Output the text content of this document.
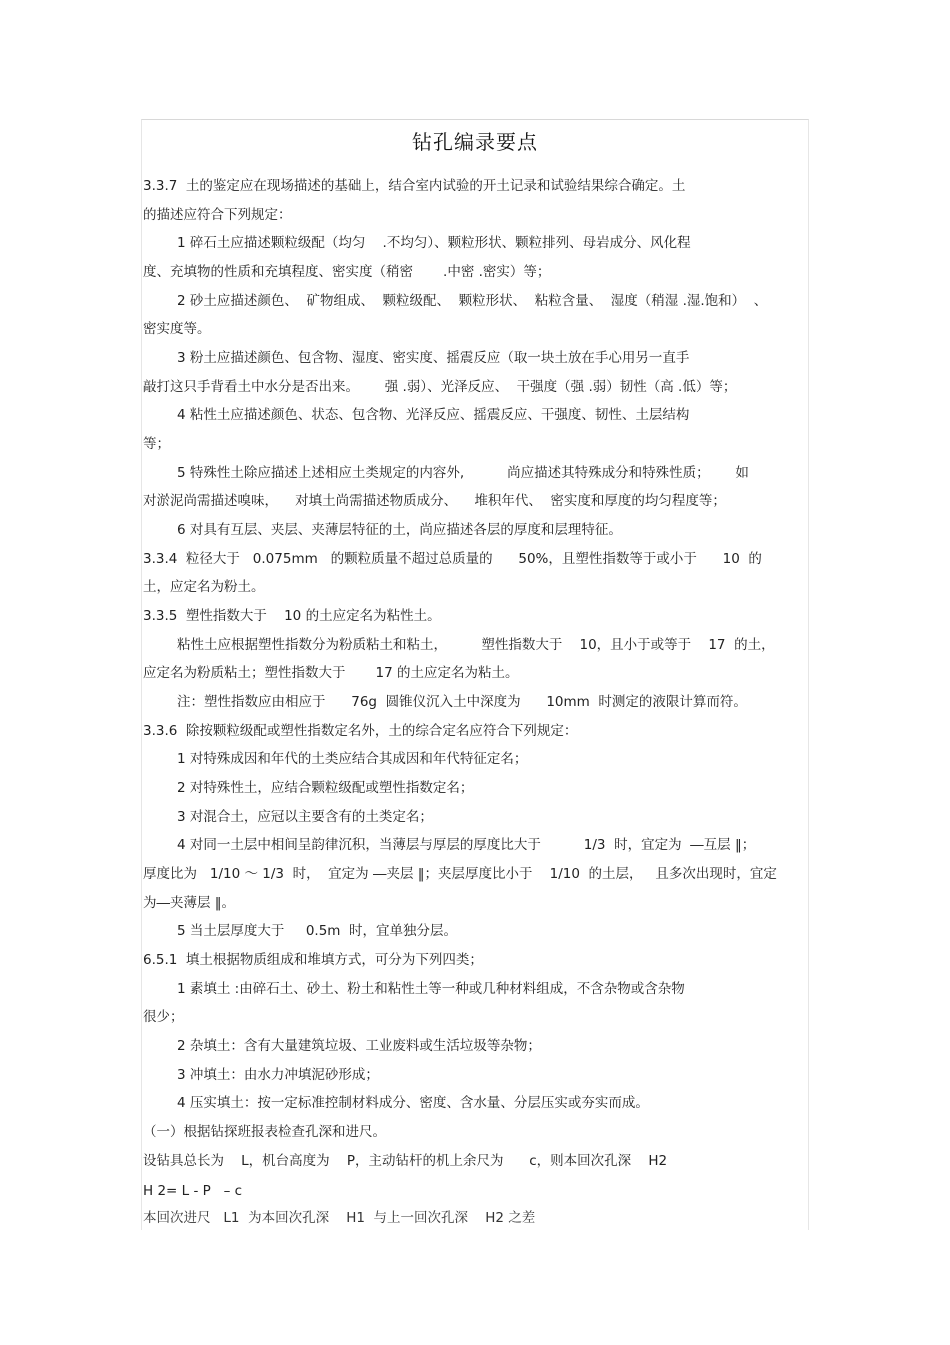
钻孔编录要点
3.3.7  土的鉴定应在现场描述的基础上，结合室内试验的开土记录和试验结果综合确定。土
的描述应符合下列规定：
1 碎石土应描述颗粒级配（均匀    .不均匀）、颗粒形状、颗粒排列、母岩成分、风化程
度、充填物的性质和充填程度、密实度（稍密       .中密 .密实）等；
2 砂土应描述颜色、  矿物组成、  颗粒级配、  颗粒形状、  粘粒含量、  湿度（稍湿 .湿.饱和）  、
密实度等。
3 粉土应描述颜色、包含物、湿度、密实度、摇震反应（取一块土放在手心用另一直手
敲打这只手背看土中水分是否出来。      强 .弱）、光泽反应、  干强度（强 .弱）韧性（高 .低）等；
4 粘性土应描述颜色、状态、包含物、光泽反应、摇震反应、干强度、韧性、土层结构
等；
5 特殊性土除应描述上述相应土类规定的内容外,          尚应描述其特殊成分和特殊性质；      如
对淤泥尚需描述嗅味，    对填土尚需描述物质成分、    堆积年代、  密实度和厚度的均匀程度等；
6 对具有互层、夹层、夹薄层特征的土，尚应描述各层的厚度和层理特征。
3.3.4  粒径大于   0.075mm   的颗粒质量不超过总质量的      50%，且塑性指数等于或小于      10  的
土，应定名为粉土。
3.3.5  塑性指数大于    10 的土应定名为粘性土。
粘性土应根据塑性指数分为粉质粘土和粘土，        塑性指数大于    10，且小于或等于    17  的土，
应定名为粉质粘土；塑性指数大于       17 的土应定名为粘土。
注：塑性指数应由相应于      76g  圆锥仪沉入土中深度为      10mm  时测定的液限计算而符。
3.3.6  除按颗粒级配或塑性指数定名外，土的综合定名应符合下列规定：
1 对特殊成因和年代的土类应结合其成因和年代特征定名；
2 对特殊性土，应结合颗粒级配或塑性指数定名；
3 对混合土，应冠以主要含有的土类定名；
4 对同一土层中相间呈韵律沉积，当薄层与厚层的厚度比大于          1/3  时，宜定为  ―互层 ‖；
厚度比为   1/10 ～ 1/3  时，  宜定为 ―夹层 ‖；夹层厚度比小于    1/10  的土层，   且多次出现时，宜定
为―夹薄层 ‖。
5 当土层厚度大于     0.5m  时，宜单独分层。
6.5.1  填土根据物质组成和堆填方式，可分为下列四类；
1 素填土 :由碎石土、砂土、粉土和粘性土等一种或几种材料组成，不含杂物或含杂物
很少；
2 杂填土：含有大量建筑垃圾、工业废料或生活垃圾等杂物；
3 冲填土：由水力冲填泥砂形成；
4 压实填土：按一定标准控制材料成分、密度、含水量、分层压实或夯实而成。
（一）根据钻探班报表检查孔深和进尺。
设钻具总长为    L，机台高度为    P，主动钻杆的机上余尺为      c，则本回次孔深    H2
H 2= L - P   – c
本回次进尺   L1  为本回次孔深    H1  与上一回次孔深    H2 之差
